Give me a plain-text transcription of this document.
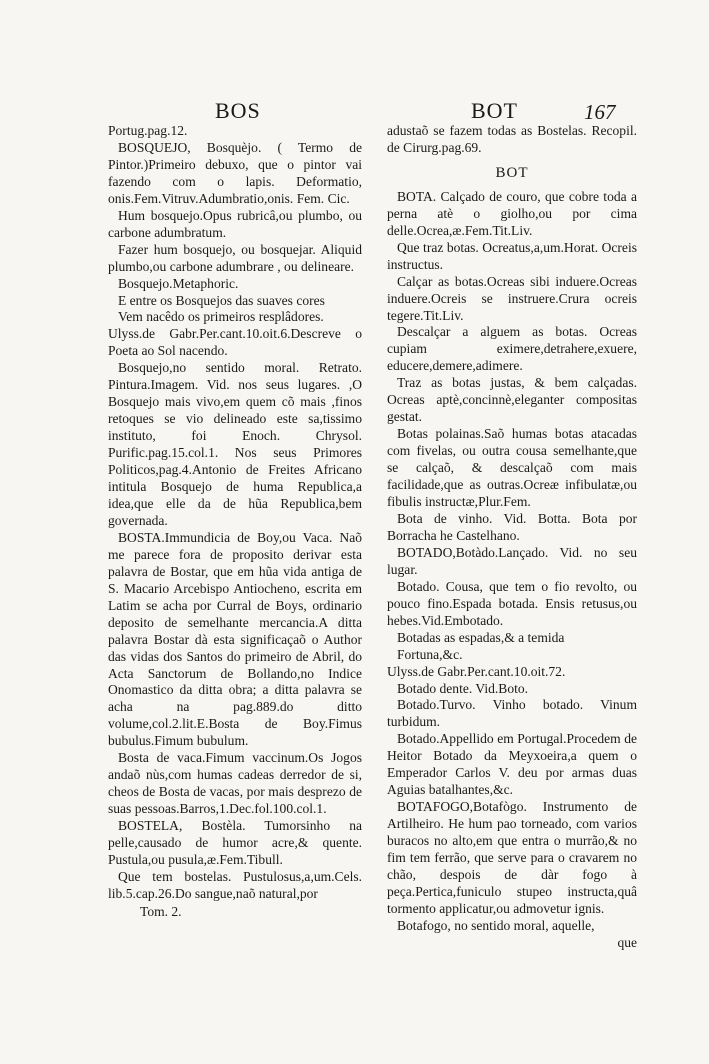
BOS	BOT	167

Portug.pag.12.

BOSQUEJO, Bosquèjo. ( Termo de Pintor.)Primeiro debuxo, que o pintor vai fazendo com o lapis. Deformatio, onis.Fem.Vitruv.Adumbratio,onis. Fem. Cic.

Hum bosquejo.Opus rubricâ,ou plumbo, ou carbone adumbratum.

Fazer hum bosquejo, ou bosquejar. Aliquid plumbo,ou carbone adumbrare , ou delineare.

Bosquejo.Metaphoric.

E entre os Bosquejos das suaves cores

Vem nacêdo os primeiros resplâdores.

Ulyss.de Gabr.Per.cant.10.oit.6.Descreve o Poeta ao Sol nacendo.

Bosquejo,no sentido moral. Retrato. Pintura.Imagem. Vid. nos seus lugares. ,O Bosquejo mais vivo,em quem cõ mais ,finos retoques se vio delineado este sa,tissimo instituto, foi Enoch. Chrysol. Purific.pag.15.col.1. Nos seus Primores Politicos,pag.4.Antonio de Freites Africano intitula Bosquejo de huma Republica,a idea,que elle da de hũa Republica,bem governada.

BOSTA.Immundicia de Boy,ou Vaca. Naõ me parece fora de proposito derivar esta palavra de Bostar, que em hũa vida antiga de S. Macario Arcebispo Antiocheno, escrita em Latim se acha por Curral de Boys, ordinario deposito de semelhante mercancia.A ditta palavra Bostar dà esta significaçaõ o Author das vidas dos Santos do primeiro de Abril, do Acta Sanctorum de Bollando,no Indice Onomastico da ditta obra; a ditta palavra se acha na pag.889.do ditto volume,col.2.lit.E.Bosta de Boy.Fimus bubulus.Fimum bubulum.

Bosta de vaca.Fimum vaccinum.Os Jogos andaõ nùs,com humas cadeas derredor de si, cheos de Bosta de vacas, por mais desprezo de suas pessoas.Barros,1.Dec.fol.100.col.1.

BOSTELA, Bostèla. Tumorsinho na pelle,causado de humor acre,& quente. Pustula,ou pusula,æ.Fem.Tibull.

Que tem bostelas. Pustulosus,a,um.Cels. lib.5.cap.26.Do sangue,naõ natural,por

Tom. 2.

adustaõ se fazem todas as Bostelas. Recopil. de Cirurg.pag.69.

BOT

BOTA. Calçado de couro, que cobre toda a perna atè o giolho,ou por cima delle.Ocrea,æ.Fem.Tit.Liv.

Que traz botas. Ocreatus,a,um.Horat. Ocreis instructus.

Calçar as botas.Ocreas sibi induere.Ocreas induere.Ocreis se instruere.Crura ocreis tegere.Tit.Liv.

Descalçar a alguem as botas. Ocreas cupiam eximere,detrahere,exuere, educere,demere,adimere.

Traz as botas justas, & bem calçadas. Ocreas aptè,concinnè,eleganter compositas gestat.

Botas polainas.Saõ humas botas atacadas com fivelas, ou outra cousa semelhante,que se calçaõ, & descalçaõ com mais facilidade,que as outras.Ocreæ infibulatæ,ou fibulis instructæ,Plur.Fem.

Bota de vinho. Vid. Botta. Bota por Borracha he Castelhano.

BOTADO,Botàdo.Lançado. Vid. no seu lugar.

Botado. Cousa, que tem o fio revolto, ou pouco fino.Espada botada. Ensis retusus,ou hebes.Vid.Embotado.

Botadas as espadas,& a temida

Fortuna,&c.

Ulyss.de Gabr.Per.cant.10.oit.72.

Botado dente. Vid.Boto.

Botado.Turvo. Vinho botado. Vinum turbidum.

Botado.Appellido em Portugal.Procedem de Heitor Botado da Meyxoeira,a quem o Emperador Carlos V. deu por armas duas Aguias batalhantes,&c.

BOTAFOGO,Botafògo. Instrumento de Artilheiro. He hum pao torneado, com varios buracos no alto,em que entra o murrão,& no fim tem ferrão, que serve para o cravarem no chão, despois de dàr fogo à peça.Pertica,funiculo stupeo instructa,quâ tormento applicatur,ou admovetur ignis.

Botafogo, no sentido moral, aquelle,

que
